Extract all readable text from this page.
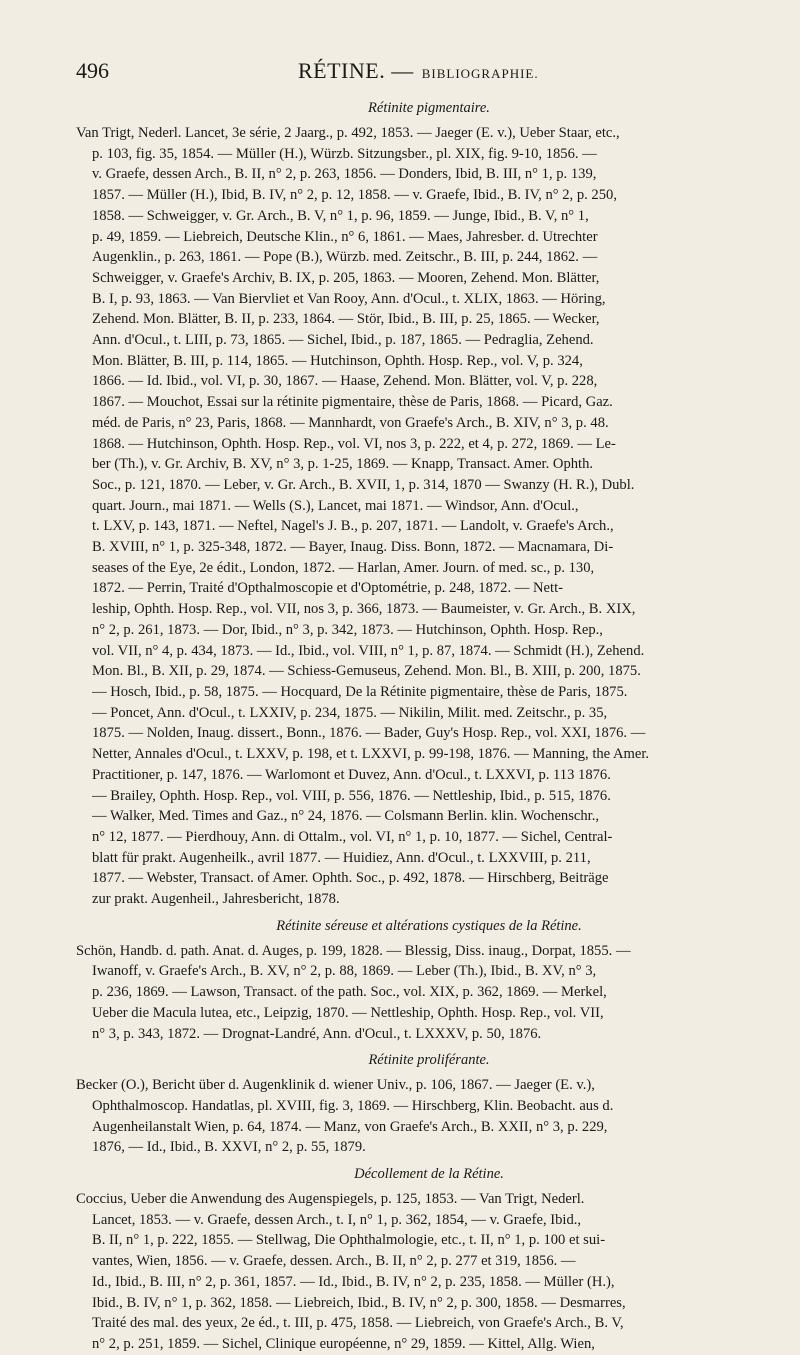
496	RÉTINE. — BIBLIOGRAPHIE.
Rétinite pigmentaire.
Van Trigt, Nederl. Lancet, 3e série, 2 Jaarg., p. 492, 1853. — Jaeger (E. v.), Ueber Staar, etc.,
p. 103, fig. 35, 1854. — Müller (H.), Würzb. Sitzungsber., pl. XIX, fig. 9-10, 1856. —
v. Graefe, dessen Arch., B. II, n° 2, p. 263, 1856. — Donders, Ibid, B. III, n° 1, p. 139,
1857. — Müller (H.), Ibid, B. IV, n° 2, p. 12, 1858. — v. Graefe, Ibid., B. IV, n° 2, p. 250,
1858. — Schweigger, v. Gr. Arch., B. V, n° 1, p. 96, 1859. — Junge, Ibid., B. V, n° 1,
p. 49, 1859. — Liebreich, Deutsche Klin., n° 6, 1861. — Maes, Jahresber. d. Utrechter
Augenklin., p. 263, 1861. — Pope (B.), Würzb. med. Zeitschr., B. III, p. 244, 1862. —
Schweigger, v. Graefe's Archiv, B. IX, p. 205, 1863. — Mooren, Zehend. Mon. Blätter,
B. I, p. 93, 1863. — Van Biervliet et Van Rooy, Ann. d'Ocul., t. XLIX, 1863. — Höring,
Zehend. Mon. Blätter, B. II, p. 233, 1864. — Stör, Ibid., B. III, p. 25, 1865. — Wecker,
Ann. d'Ocul., t. LIII, p. 73, 1865. — Sichel, Ibid., p. 187, 1865. — Pedraglia, Zehend.
Mon. Blätter, B. III, p. 114, 1865. — Hutchinson, Ophth. Hosp. Rep., vol. V, p. 324,
1866. — Id. Ibid., vol. VI, p. 30, 1867. — Haase, Zehend. Mon. Blätter, vol. V, p. 228,
1867. — Mouchot, Essai sur la rétinite pigmentaire, thèse de Paris, 1868. — Picard, Gaz.
méd. de Paris, n° 23, Paris, 1868. — Mannhardt, von Graefe's Arch., B. XIV, n° 3, p. 48.
1868. — Hutchinson, Ophth. Hosp. Rep., vol. VI, nos 3, p. 222, et 4, p. 272, 1869. — Le-
ber (Th.), v. Gr. Archiv, B. XV, n° 3, p. 1-25, 1869. — Knapp, Transact. Amer. Ophth.
Soc., p. 121, 1870. — Leber, v. Gr. Arch., B. XVII, 1, p. 314, 1870 — Swanzy (H. R.), Dubl.
quart. Journ., mai 1871. — Wells (S.), Lancet, mai 1871. — Windsor, Ann. d'Ocul.,
t. LXV, p. 143, 1871. — Neftel, Nagel's J. B., p. 207, 1871. — Landolt, v. Graefe's Arch.,
B. XVIII, n° 1, p. 325-348, 1872. — Bayer, Inaug. Diss. Bonn, 1872. — Macnamara, Di-
seases of the Eye, 2e édit., London, 1872. — Harlan, Amer. Journ. of med. sc., p. 130,
1872. — Perrin, Traité d'Opthalmoscopie et d'Optométrie, p. 248, 1872. — Nett-
leship, Ophth. Hosp. Rep., vol. VII, nos 3, p. 366, 1873. — Baumeister, v. Gr. Arch., B. XIX,
n° 2, p. 261, 1873. — Dor, Ibid., n° 3, p. 342, 1873. — Hutchinson, Ophth. Hosp. Rep.,
vol. VII, n° 4, p. 434, 1873. — Id., Ibid., vol. VIII, n° 1, p. 87, 1874. — Schmidt (H.), Zehend.
Mon. Bl., B. XII, p. 29, 1874. — Schiess-Gemuseus, Zehend. Mon. Bl., B. XIII, p. 200, 1875.
— Hosch, Ibid., p. 58, 1875. — Hocquard, De la Rétinite pigmentaire, thèse de Paris, 1875.
— Poncet, Ann. d'Ocul., t. LXXIV, p. 234, 1875. — Nikilin, Milit. med. Zeitschr., p. 35,
1875. — Nolden, Inaug. dissert., Bonn., 1876. — Bader, Guy's Hosp. Rep., vol. XXI, 1876. —
Netter, Annales d'Ocul., t. LXXV, p. 198, et t. LXXVI, p. 99-198, 1876. — Manning, the Amer.
Practitioner, p. 147, 1876. — Warlomont et Duvez, Ann. d'Ocul., t. LXXVI, p. 113 1876.
— Brailey, Ophth. Hosp. Rep., vol. VIII, p. 556, 1876. — Nettleship, Ibid., p. 515, 1876.
— Walker, Med. Times and Gaz., n° 24, 1876. — Colsmann Berlin. klin. Wochenschr.,
n° 12, 1877. — Pierdhouy, Ann. di Ottalm., vol. VI, n° 1, p. 10, 1877. — Sichel, Central-
blatt für prakt. Augenheilk., avril 1877. — Huidiez, Ann. d'Ocul., t. LXXVIII, p. 211,
1877. — Webster, Transact. of Amer. Ophth. Soc., p. 492, 1878. — Hirschberg, Beiträge
zur prakt. Augenheil., Jahresbericht, 1878.
Rétinite séreuse et altérations cystiques de la Rétine.
Schön, Handb. d. path. Anat. d. Auges, p. 199, 1828. — Blessig, Diss. inaug., Dorpat, 1855. —
Iwanoff, v. Graefe's Arch., B. XV, n° 2, p. 88, 1869. — Leber (Th.), Ibid., B. XV, n° 3,
p. 236, 1869. — Lawson, Transact. of the path. Soc., vol. XIX, p. 362, 1869. — Merkel,
Ueber die Macula lutea, etc., Leipzig, 1870. — Nettleship, Ophth. Hosp. Rep., vol. VII,
n° 3, p. 343, 1872. — Drognat-Landré, Ann. d'Ocul., t. LXXXV, p. 50, 1876.
Rétinite proliférante.
Becker (O.), Bericht über d. Augenklinik d. wiener Univ., p. 106, 1867. — Jaeger (E. v.),
Ophthalmoscop. Handatlas, pl. XVIII, fig. 3, 1869. — Hirschberg, Klin. Beobacht. aus d.
Augenheilanstalt Wien, p. 64, 1874. — Manz, von Graefe's Arch., B. XXII, n° 3, p. 229,
1876, — Id., Ibid., B. XXVI, n° 2, p. 55, 1879.
Décollement de la Rétine.
Coccius, Ueber die Anwendung des Augenspiegels, p. 125, 1853. — Van Trigt, Nederl.
Lancet, 1853. — v. Graefe, dessen Arch., t. I, n° 1, p. 362, 1854, — v. Graefe, Ibid.,
B. II, n° 1, p. 222, 1855. — Stellwag, Die Ophthalmologie, etc., t. II, n° 1, p. 100 et sui-
vantes, Wien, 1856. — v. Graefe, dessen. Arch., B. II, n° 2, p. 277 et 319, 1856. —
Id., Ibid., B. III, n° 2, p. 361, 1857. — Id., Ibid., B. IV, n° 2, p. 235, 1858. — Müller (H.),
Ibid., B. IV, n° 1, p. 362, 1858. — Liebreich, Ibid., B. IV, n° 2, p. 300, 1858. — Desmarres,
Traité des mal. des yeux, 2e éd., t. III, p. 475, 1858. — Liebreich, von Graefe's Arch., B. V,
n° 2, p. 251, 1859. — Sichel, Clinique européenne, n° 29, 1859. — Kittel, Allg. Wien,
